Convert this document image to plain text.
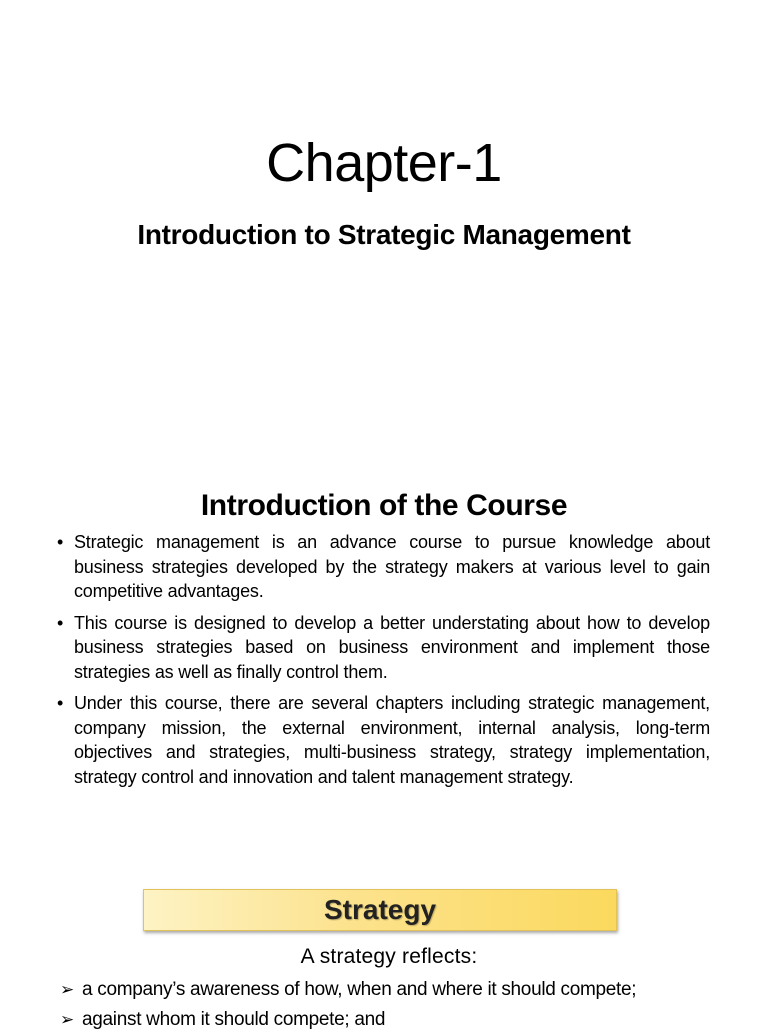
Chapter-1
Introduction to Strategic Management
Introduction of the Course
• Strategic management is an advance course to pursue knowledge about business strategies developed by the strategy makers at various level to gain competitive advantages.
• This course is designed to develop a better understating about how to develop business strategies based on business environment and implement those strategies as well as finally control them.
• Under this course, there are several chapters including strategic management, company mission, the external environment, internal analysis, long-term objectives and strategies, multi-business strategy, strategy implementation, strategy control and innovation and talent management strategy.
Strategy
A strategy reflects:
➢ a company’s awareness of how, when and where it should compete;
➢ against whom it should compete; and
